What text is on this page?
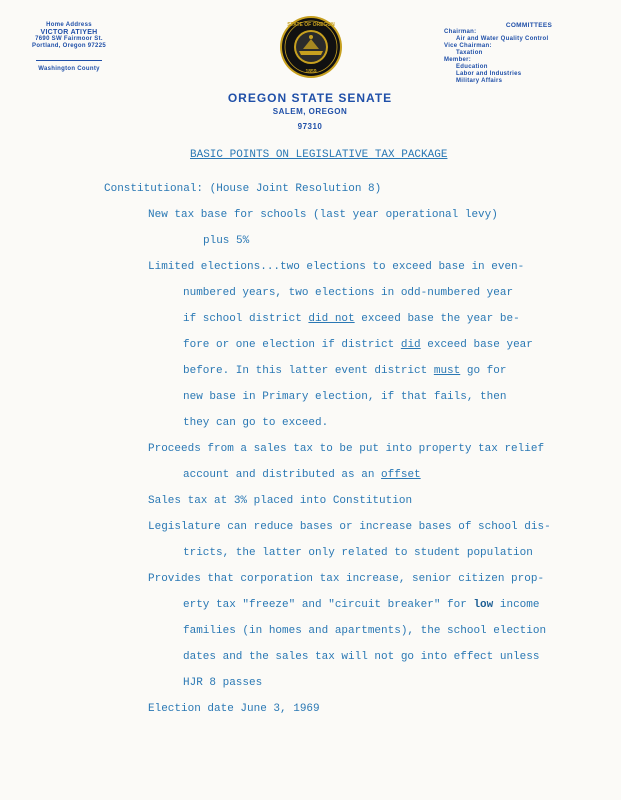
Home Address
VICTOR ATIYEH
7690 SW Fairmoor St.
Portland, Oregon 97225
Washington County
STATE OF OREGON
1859
COMMITTEES
Chairman:
Air and Water Quality Control
Vice Chairman:
Taxation
Member:
Education
Labor and Industries
Military Affairs
OREGON STATE SENATE
SALEM, OREGON
97310
BASIC POINTS ON LEGISLATIVE TAX PACKAGE
Constitutional: (House Joint Resolution 8)
New tax base for schools (last year operational levy)
plus 5%
Limited elections...two elections to exceed base in even-
numbered years, two elections in odd-numbered year
if school district did not exceed base the year be-
fore or one election if district did exceed base year
before. In this latter event district must go for
new base in Primary election, if that fails, then
they can go to exceed.
Proceeds from a sales tax to be put into property tax relief
account and distributed as an offset
Sales tax at 3% placed into Constitution
Legislature can reduce bases or increase bases of school dis-
tricts, the latter only related to student population
Provides that corporation tax increase, senior citizen prop-
erty tax "freeze" and "circuit breaker" for low income
families (in homes and apartments), the school election
dates and the sales tax will not go into effect unless
HJR 8 passes
Election date June 3, 1969
